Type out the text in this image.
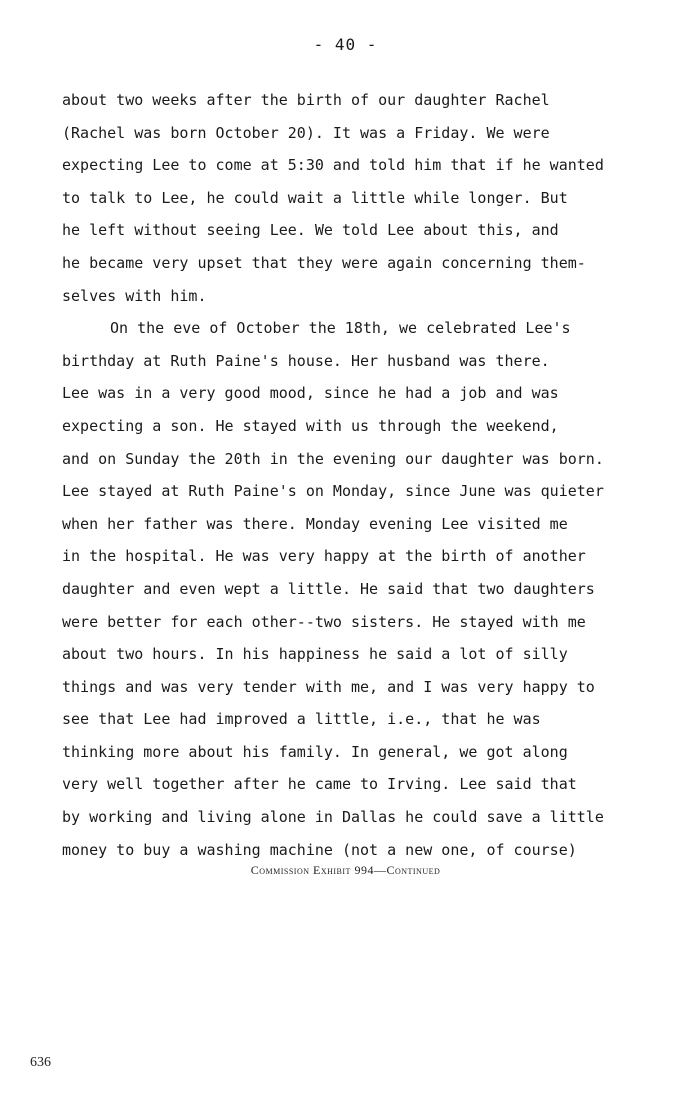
- 40 -
about two weeks after the birth of our daughter Rachel
(Rachel was born October 20). It was a Friday. We were
expecting Lee to come at 5:30 and told him that if he wanted
to talk to Lee, he could wait a little while longer. But
he left without seeing Lee. We told Lee about this, and
he became very upset that they were again concerning them-
selves with him.
On the eve of October the 18th, we celebrated Lee's
birthday at Ruth Paine's house. Her husband was there.
Lee was in a very good mood, since he had a job and was
expecting a son. He stayed with us through the weekend,
and on Sunday the 20th in the evening our daughter was born.
Lee stayed at Ruth Paine's on Monday, since June was quieter
when her father was there. Monday evening Lee visited me
in the hospital. He was very happy at the birth of another
daughter and even wept a little. He said that two daughters
were better for each other--two sisters. He stayed with me
about two hours. In his happiness he said a lot of silly
things and was very tender with me, and I was very happy to
see that Lee had improved a little, i.e., that he was
thinking more about his family. In general, we got along
very well together after he came to Irving. Lee said that
by working and living alone in Dallas he could save a little
money to buy a washing machine (not a new one, of course)
Commission Exhibit 994—Continued
636
